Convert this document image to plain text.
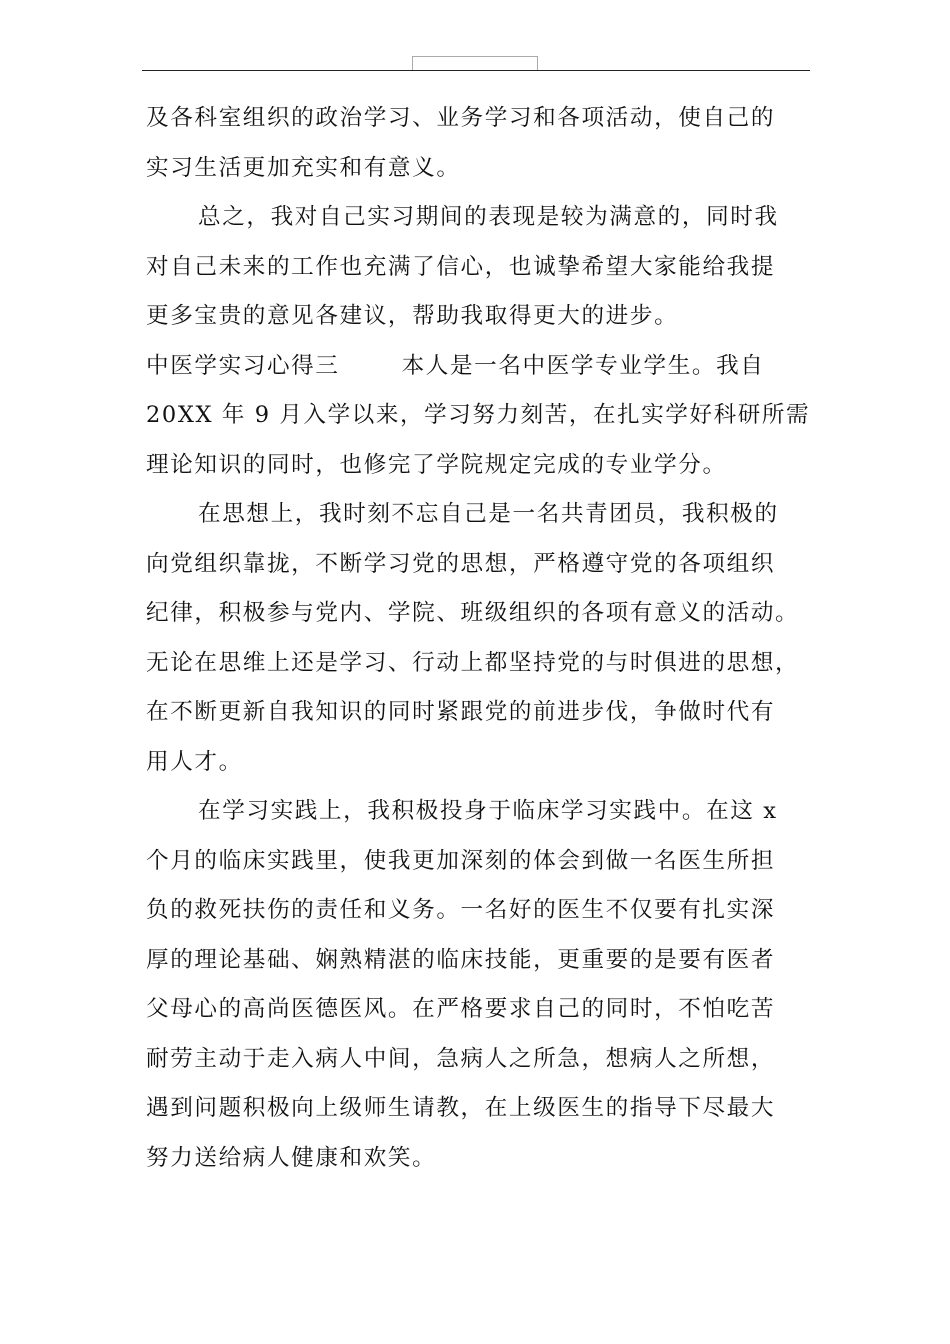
及各科室组织的政治学习、业务学习和各项活动，使自己的
实习生活更加充实和有意义。
总之，我对自己实习期间的表现是较为满意的，同时我
对自己未来的工作也充满了信心，也诚挚希望大家能给我提
更多宝贵的意见各建议，帮助我取得更大的进步。
中医学实习心得三	本人是一名中医学专业学生。我自
20XX 年 9 月入学以来，学习努力刻苦，在扎实学好科研所需
理论知识的同时，也修完了学院规定完成的专业学分。
在思想上，我时刻不忘自己是一名共青团员，我积极的
向党组织靠拢，不断学习党的思想，严格遵守党的各项组织
纪律，积极参与党内、学院、班级组织的各项有意义的活动。
无论在思维上还是学习、行动上都坚持党的与时俱进的思想，
在不断更新自我知识的同时紧跟党的前进步伐，争做时代有
用人才。
在学习实践上，我积极投身于临床学习实践中。在这 x
个月的临床实践里，使我更加深刻的体会到做一名医生所担
负的救死扶伤的责任和义务。一名好的医生不仅要有扎实深
厚的理论基础、娴熟精湛的临床技能，更重要的是要有医者
父母心的高尚医德医风。在严格要求自己的同时，不怕吃苦
耐劳主动于走入病人中间，急病人之所急，想病人之所想，
遇到问题积极向上级师生请教，在上级医生的指导下尽最大
努力送给病人健康和欢笑。
